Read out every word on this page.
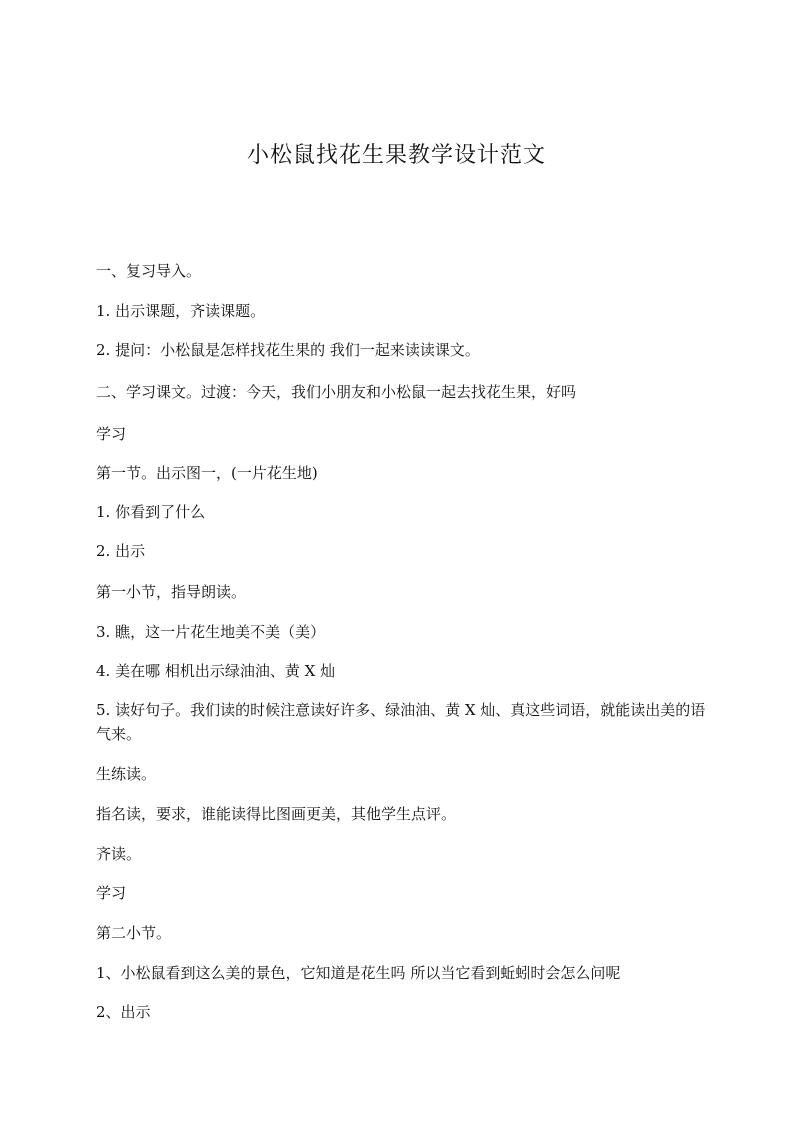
小松鼠找花生果教学设计范文

一、复习导入。

1. 出示课题，齐读课题。

2. 提问：小松鼠是怎样找花生果的 我们一起来读读课文。

二、学习课文。过渡：今天，我们小朋友和小松鼠一起去找花生果，好吗

学习

第一节。出示图一，(一片花生地)

1. 你看到了什么

2. 出示

第一小节，指导朗读。

3. 瞧，这一片花生地美不美（美）

4. 美在哪 相机出示绿油油、黄 X 灿

5. 读好句子。我们读的时候注意读好许多、绿油油、黄 X 灿、真这些词语，就能读出美的语气来。

生练读。

指名读，要求，谁能读得比图画更美，其他学生点评。

齐读。

学习

第二小节。

1、小松鼠看到这么美的景色，它知道是花生吗 所以当它看到蚯蚓时会怎么问呢

2、出示
